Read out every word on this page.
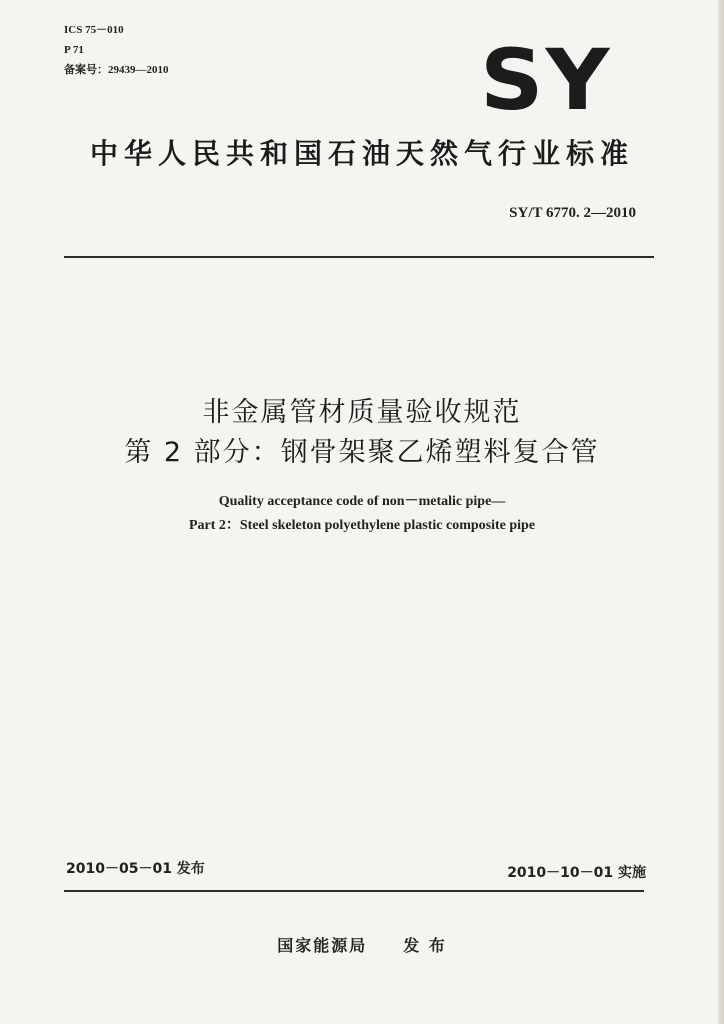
ICS 75－010
P 71
备案号：29439—2010	SY
中华人民共和国石油天然气行业标准
SY/T 6770. 2—2010
非金属管材质量验收规范
第 2 部分：钢骨架聚乙烯塑料复合管
Quality acceptance code of non－metalic pipe—
Part 2：Steel skeleton polyethylene plastic composite pipe
2010－05－01 发布	2010－10－01 实施
国家能源局 发 布
